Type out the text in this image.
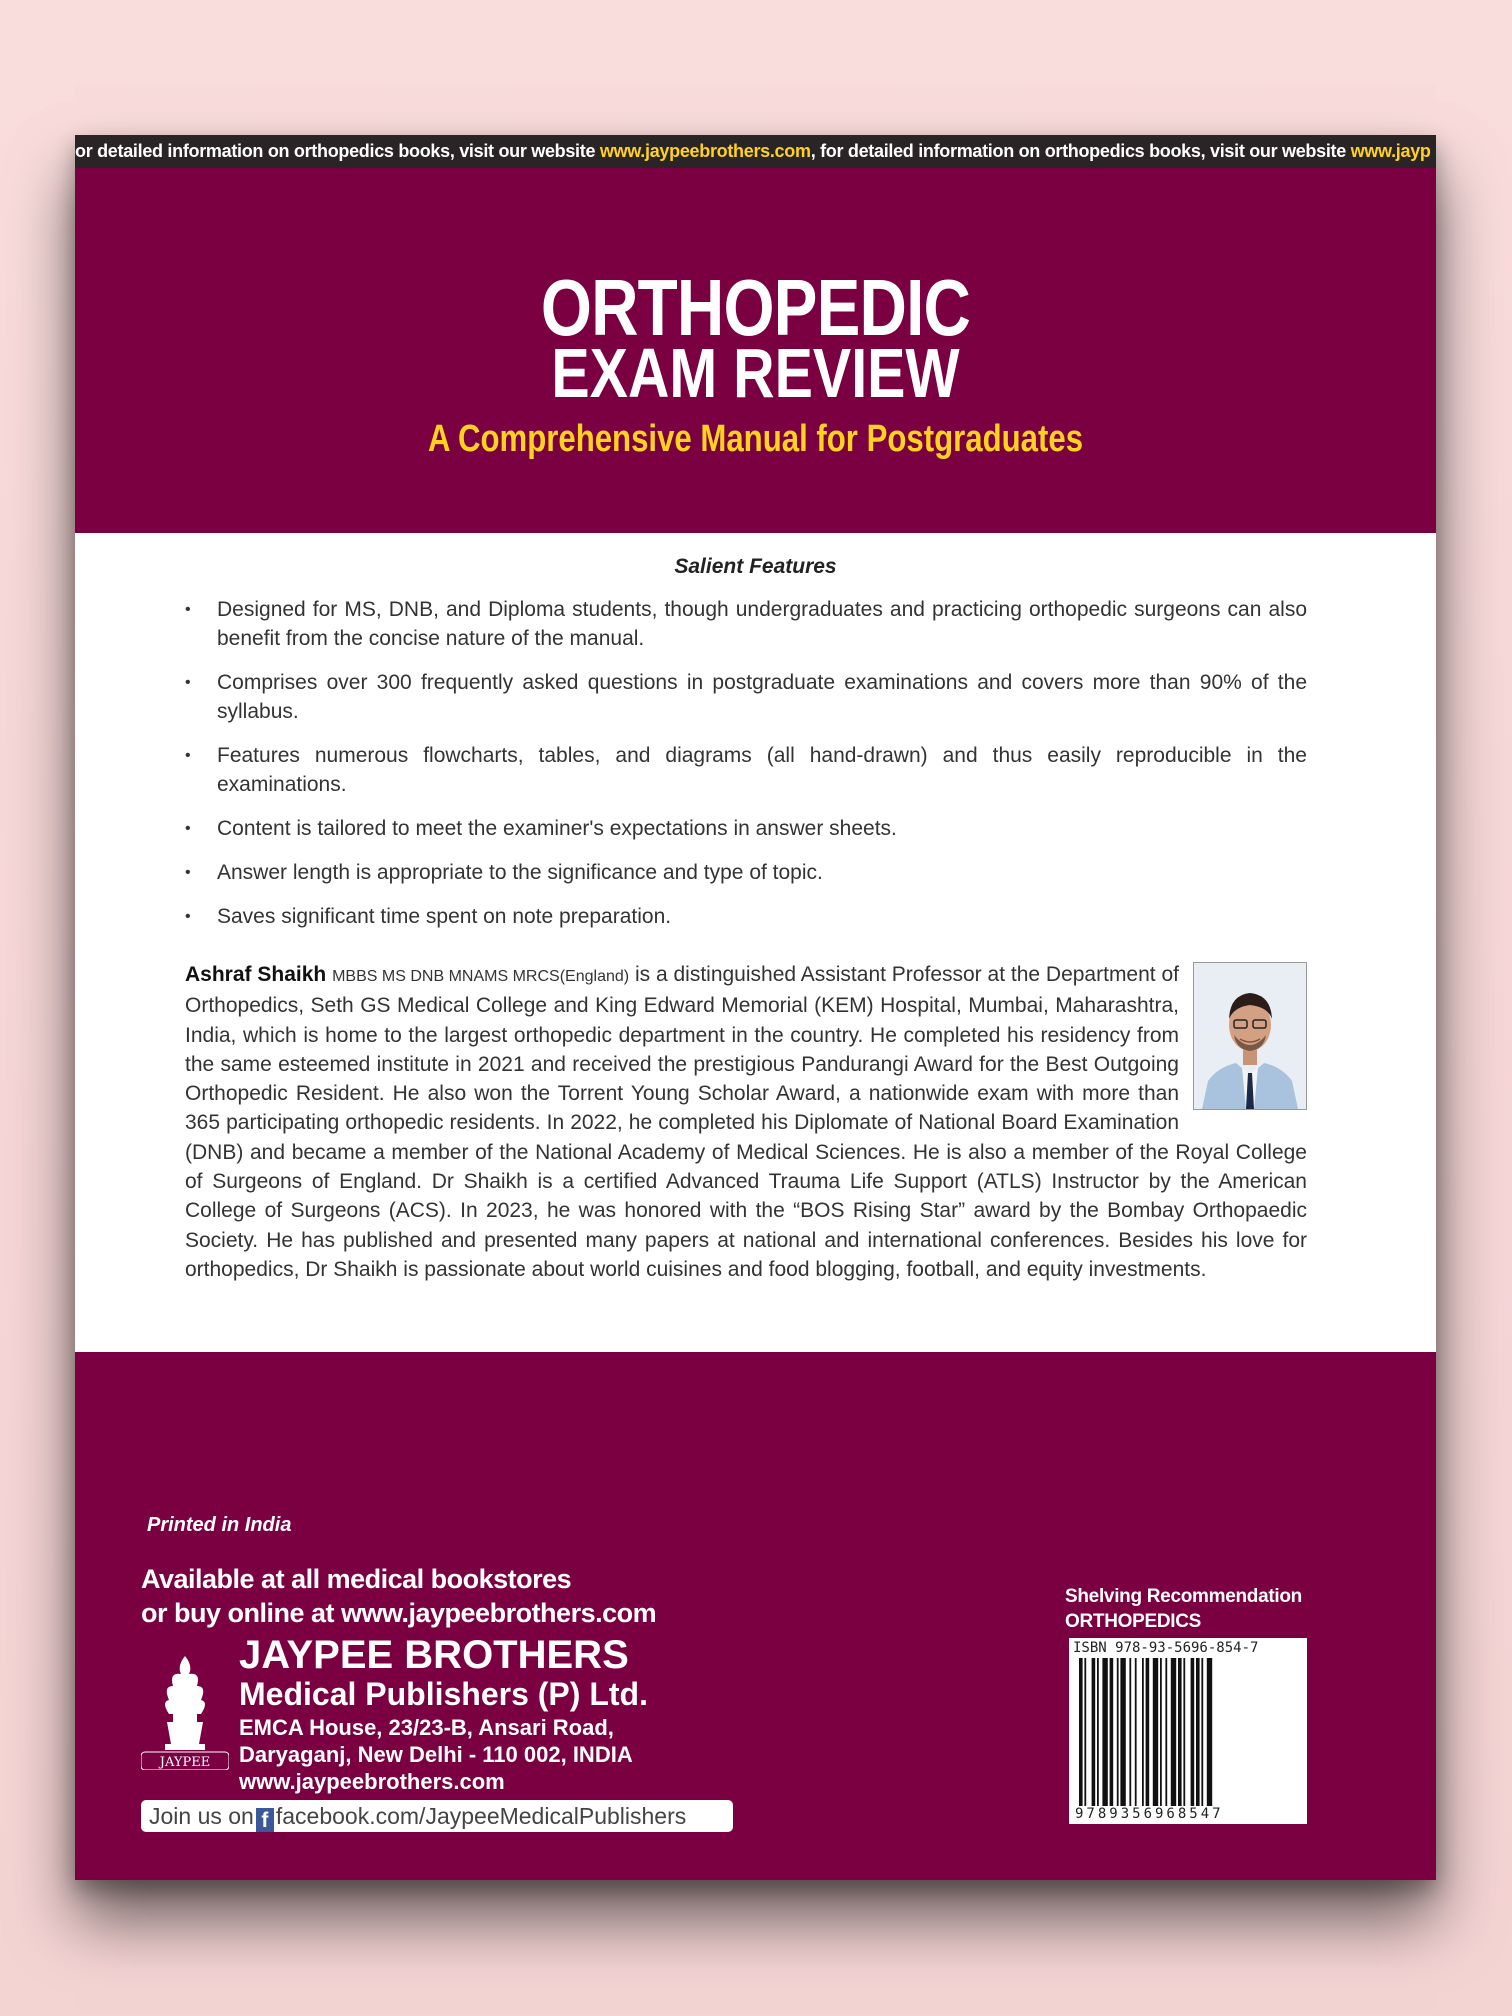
or detailed information on orthopedics books, visit our website www.jaypeebrothers.com, for detailed information on orthopedics books, visit our website www.jayp
ORTHOPEDIC
EXAM REVIEW
A Comprehensive Manual for Postgraduates
Salient Features
• Designed for MS, DNB, and Diploma students, though undergraduates and practicing orthopedic surgeons can also benefit from the concise nature of the manual.
• Comprises over 300 frequently asked questions in postgraduate examinations and covers more than 90% of the syllabus.
• Features numerous flowcharts, tables, and diagrams (all hand-drawn) and thus easily reproducible in the examinations.
• Content is tailored to meet the examiner's expectations in answer sheets.
• Answer length is appropriate to the significance and type of topic.
• Saves significant time spent on note preparation.
Ashraf Shaikh MBBS MS DNB MNAMS MRCS(England) is a distinguished Assistant Professor at the Department of Orthopedics, Seth GS Medical College and King Edward Memorial (KEM) Hospital, Mumbai, Maharashtra, India, which is home to the largest orthopedic department in the country. He completed his residency from the same esteemed institute in 2021 and received the prestigious Pandurangi Award for the Best Outgoing Orthopedic Resident. He also won the Torrent Young Scholar Award, a nationwide exam with more than 365 participating orthopedic residents. In 2022, he completed his Diplomate of National Board Examination (DNB) and became a member of the National Academy of Medical Sciences. He is also a member of the Royal College of Surgeons of England. Dr Shaikh is a certified Advanced Trauma Life Support (ATLS) Instructor by the American College of Surgeons (ACS). In 2023, he was honored with the “BOS Rising Star” award by the Bombay Orthopaedic Society. He has published and presented many papers at national and international conferences. Besides his love for orthopedics, Dr Shaikh is passionate about world cuisines and food blogging, football, and equity investments.
Printed in India
Available at all medical bookstores
or buy online at www.jaypeebrothers.com
JAYPEE
JAYPEE BROTHERS
Medical Publishers (P) Ltd.
EMCA House, 23/23-B, Ansari Road,
Daryaganj, New Delhi - 110 002, INDIA
www.jaypeebrothers.com
Join us on f facebook.com/JaypeeMedicalPublishers
Shelving Recommendation
ORTHOPEDICS
ISBN 978-93-5696-854-7
9789356968547
